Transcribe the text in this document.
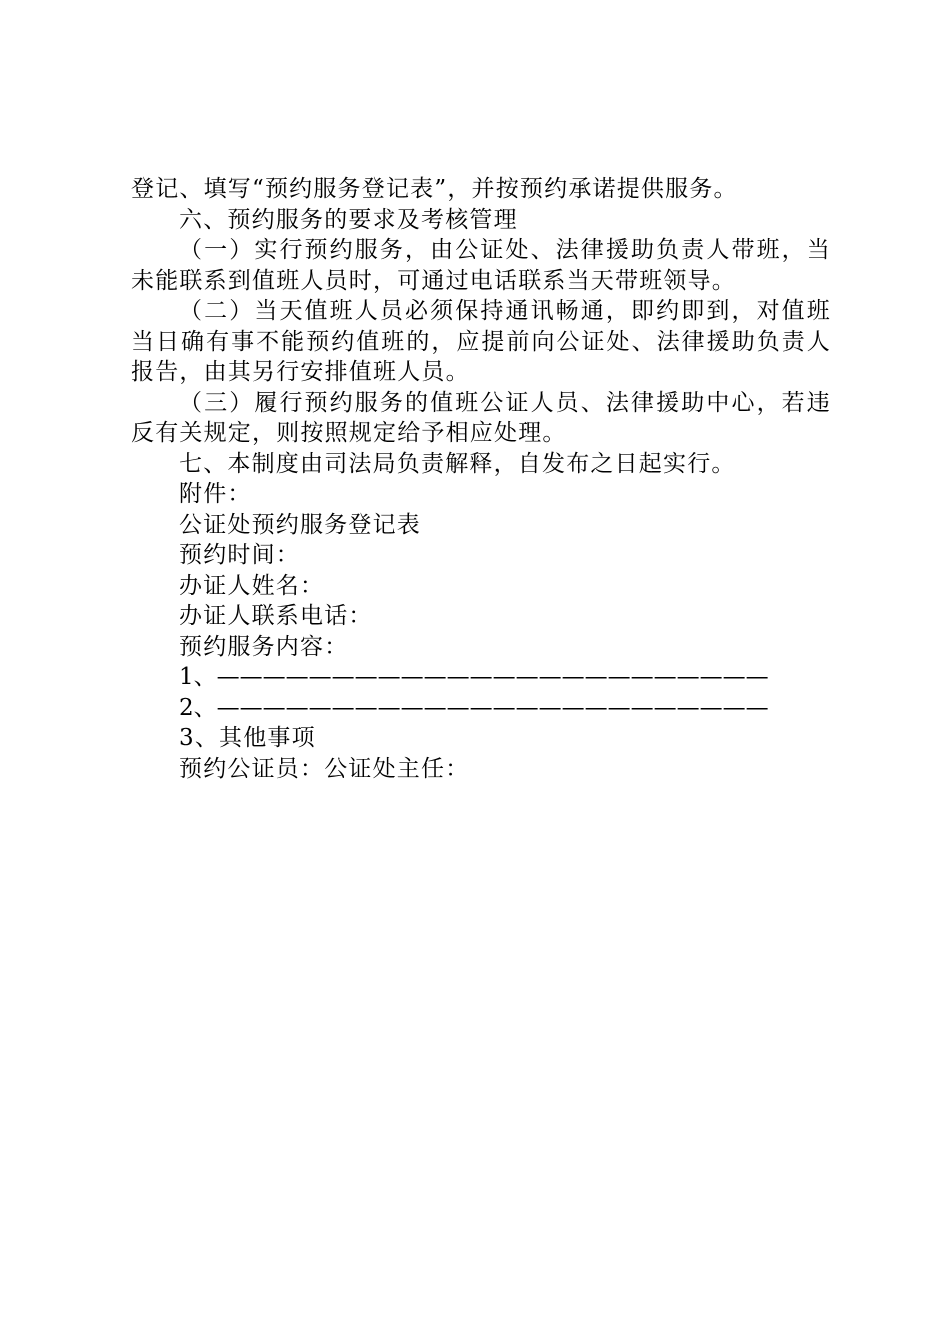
登记、填写“预约服务登记表”，并按预约承诺提供服务。

六、预约服务的要求及考核管理

（一）实行预约服务，由公证处、法律援助负责人带班，当未能联系到值班人员时，可通过电话联系当天带班领导。

（二）当天值班人员必须保持通讯畅通，即约即到，对值班当日确有事不能预约值班的，应提前向公证处、法律援助负责人报告，由其另行安排值班人员。

（三）履行预约服务的值班公证人员、法律援助中心，若违反有关规定，则按照规定给予相应处理。

七、本制度由司法局负责解释，自发布之日起实行。

附件：

公证处预约服务登记表

预约时间：

办证人姓名：

办证人联系电话：

预约服务内容：

1、————————————————————————

2、————————————————————————

3、其他事项

预约公证员：公证处主任：
